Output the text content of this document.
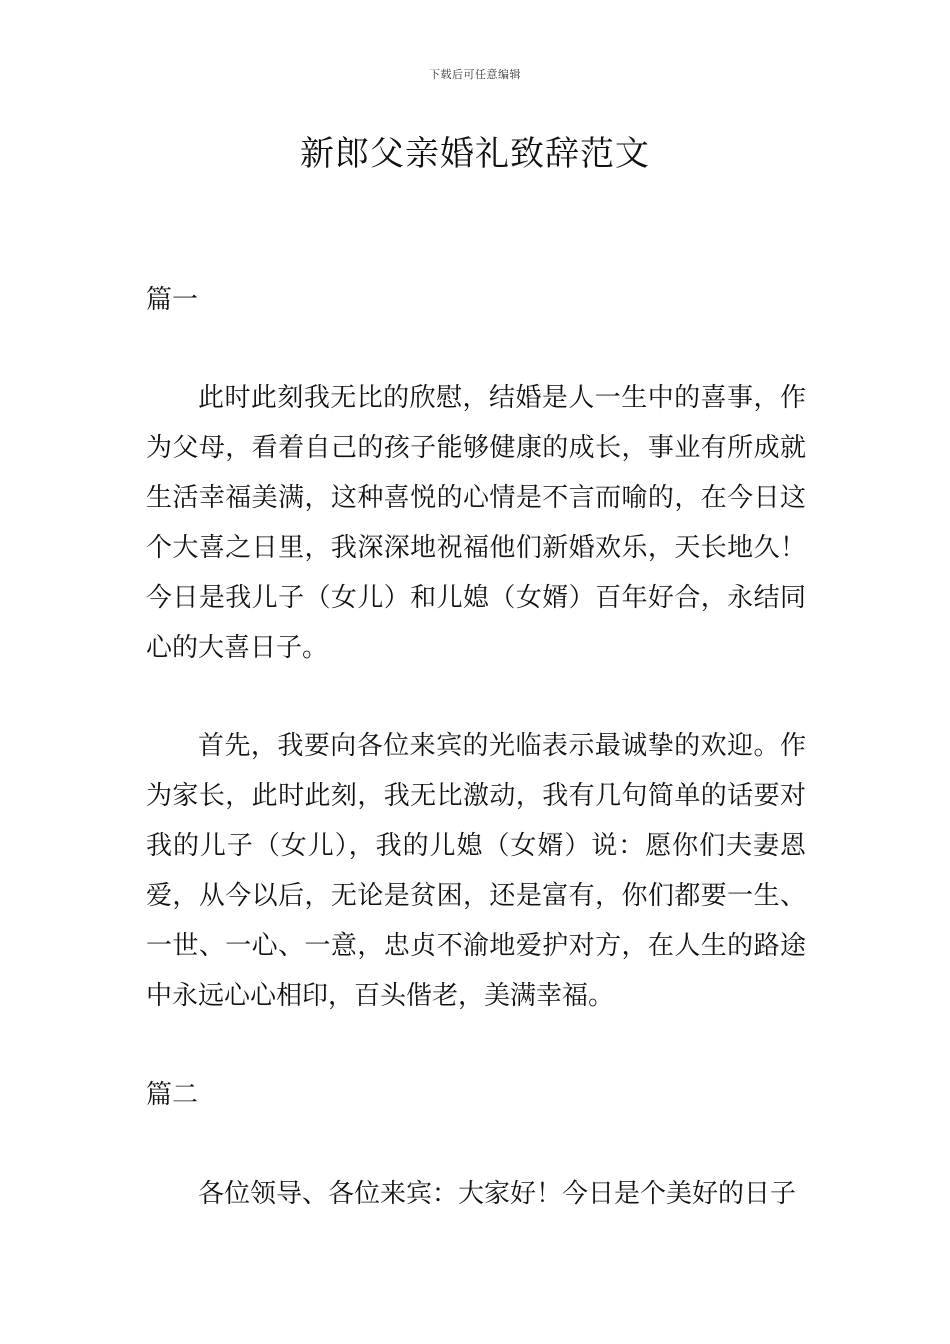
下载后可任意编辑
新郎父亲婚礼致辞范文
篇一

此时此刻我无比的欣慰，结婚是人一生中的喜事，作为父母，看着自己的孩子能够健康的成长，事业有所成就生活幸福美满，这种喜悦的心情是不言而喻的，在今日这个大喜之日里，我深深地祝福他们新婚欢乐，天长地久！今日是我儿子（女儿）和儿媳（女婿）百年好合，永结同心的大喜日子。

首先，我要向各位来宾的光临表示最诚挚的欢迎。作为家长，此时此刻，我无比激动，我有几句简单的话要对我的儿子（女儿），我的儿媳（女婿）说：愿你们夫妻恩爱，从今以后，无论是贫困，还是富有，你们都要一生、一世、一心、一意，忠贞不渝地爱护对方，在人生的路途中永远心心相印，百头偕老，美满幸福。

篇二

各位领导、各位来宾：大家好！今日是个美好的日子
